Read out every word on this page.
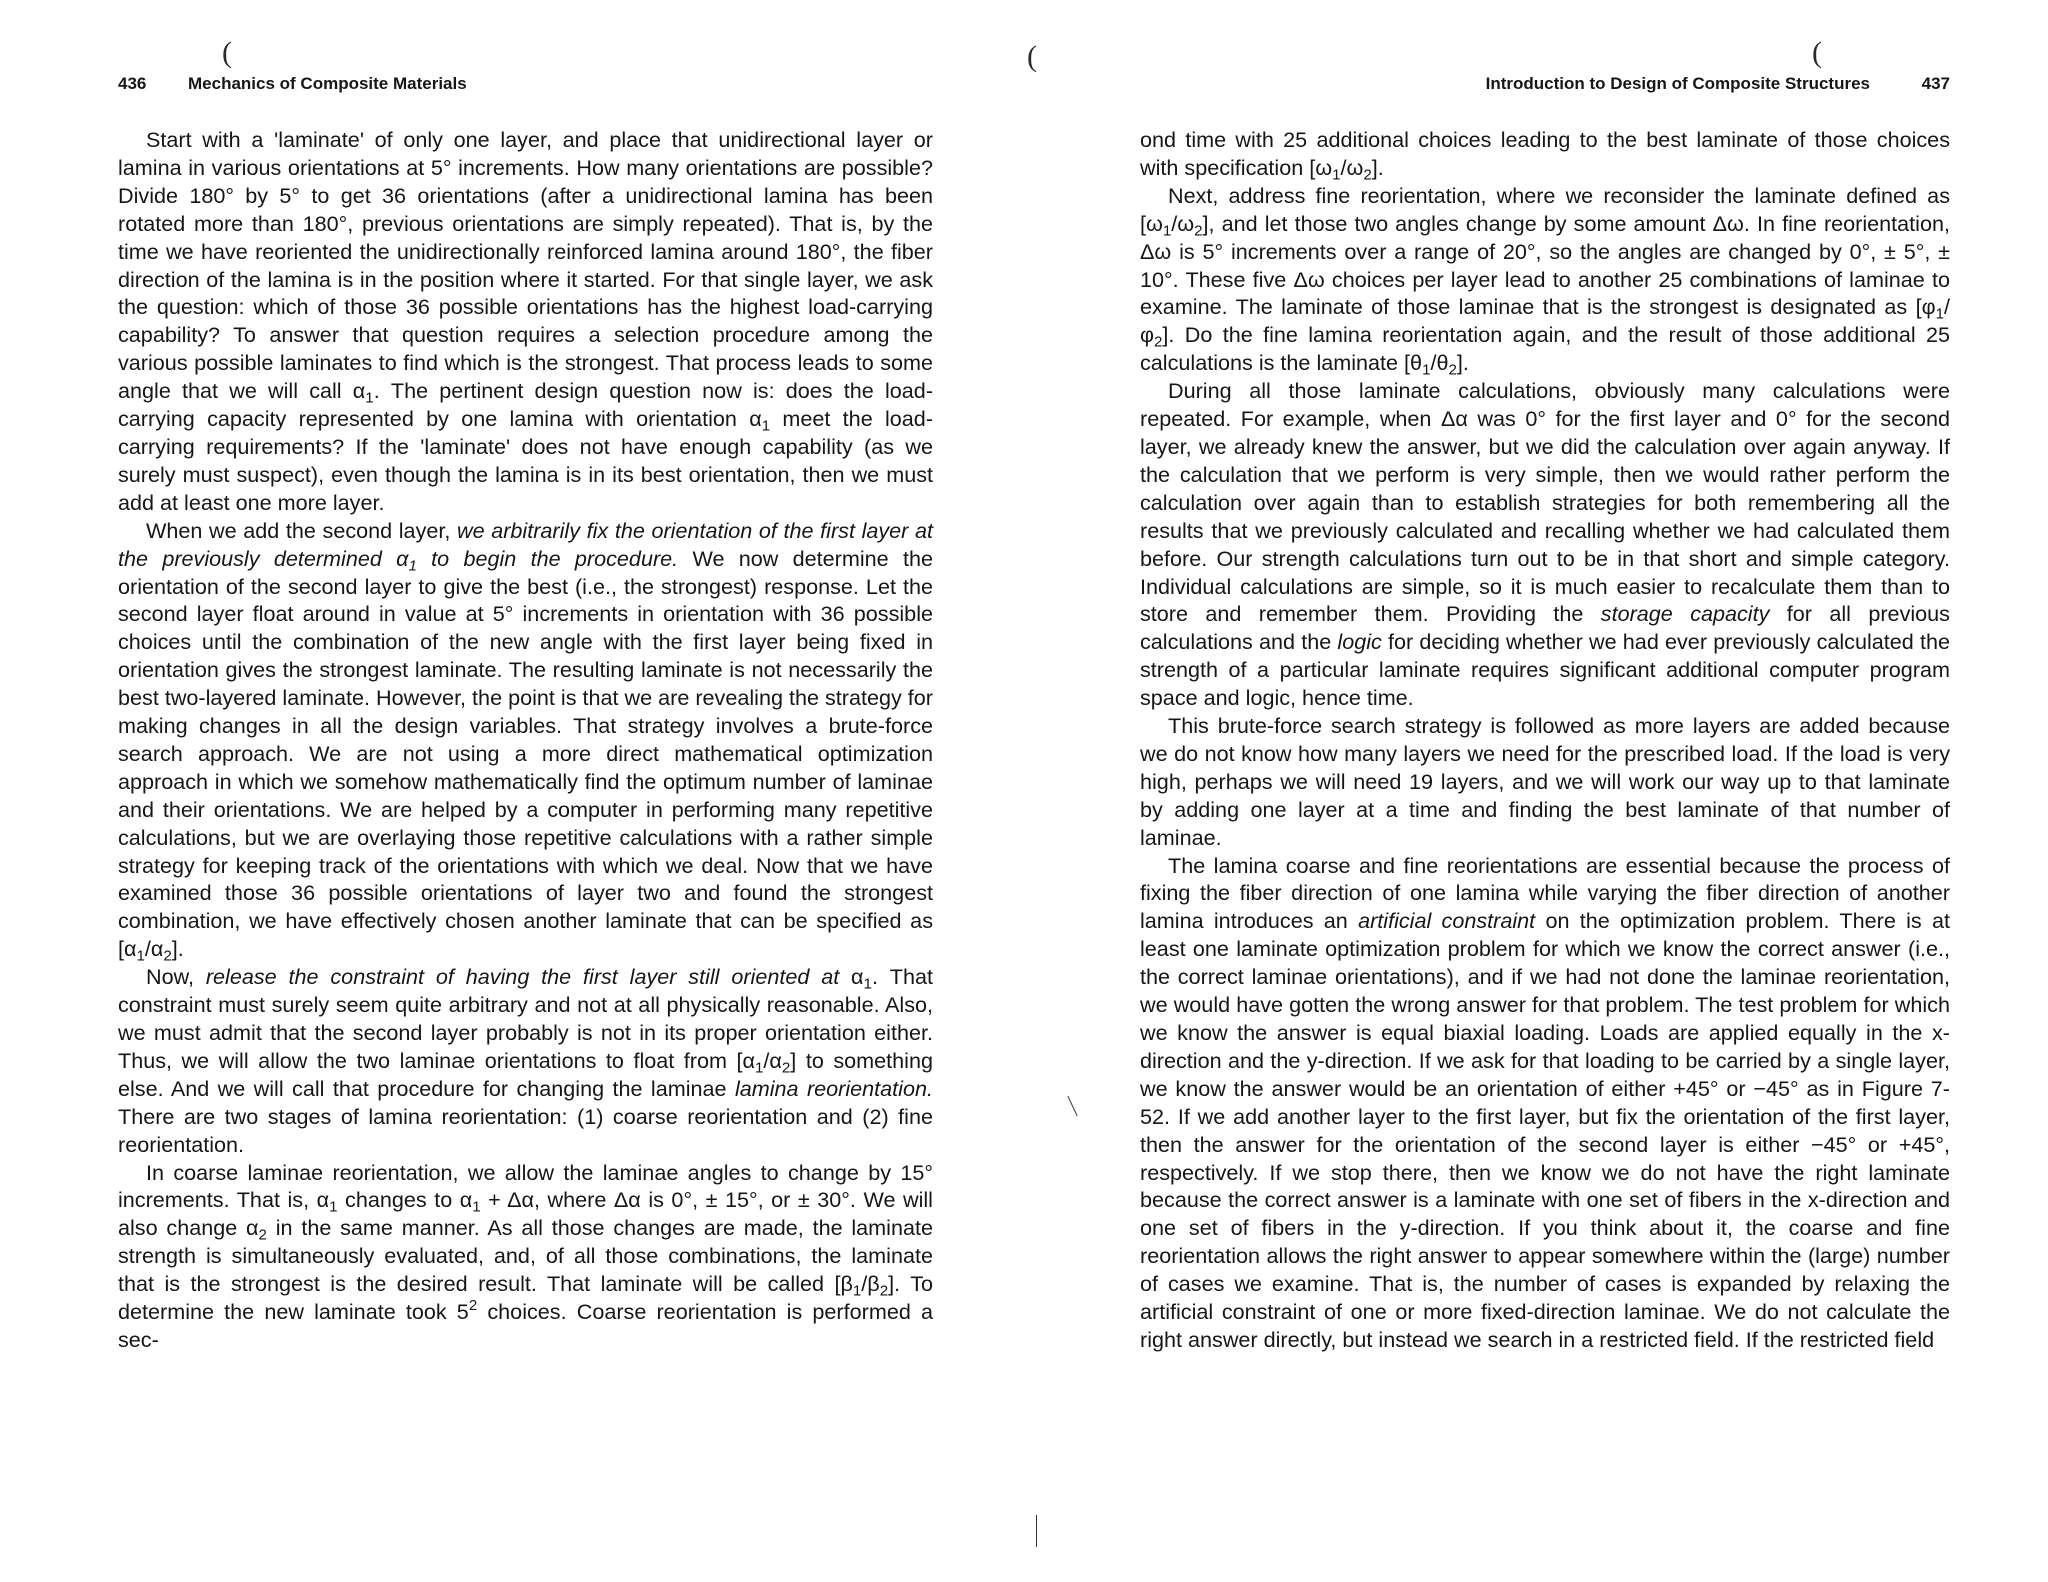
(	(	(
436 Mechanics of Composite Materials

Start with a 'laminate' of only one layer, and place that unidirectional layer or lamina in various orientations at 5° increments. How many orientations are possible? Divide 180° by 5° to get 36 orientations (after a unidirectional lamina has been rotated more than 180°, previous orientations are simply repeated). That is, by the time we have reoriented the unidirectionally reinforced lamina around 180°, the fiber direction of the lamina is in the position where it started. For that single layer, we ask the question: which of those 36 possible orientations has the highest load-carrying capability? To answer that question requires a selection procedure among the various possible laminates to find which is the strongest. That process leads to some angle that we will call $\alpha_1$. The pertinent design question now is: does the load-carrying capacity represented by one lamina with orientation $\alpha_1$ meet the load-carrying requirements? If the 'laminate' does not have enough capability (as we surely must suspect), even though the lamina is in its best orientation, then we must add at least one more layer.

When we add the second layer, we arbitrarily fix the orientation of the first layer at the previously determined $\alpha_1$ to begin the procedure. We now determine the orientation of the second layer to give the best (i.e., the strongest) response. Let the second layer float around in value at 5° increments in orientation with 36 possible choices until the combination of the new angle with the first layer being fixed in orientation gives the strongest laminate. The resulting laminate is not necessarily the best two-layered laminate. However, the point is that we are revealing the strategy for making changes in all the design variables. That strategy involves a brute-force search approach. We are not using a more direct mathematical optimization approach in which we somehow mathematically find the optimum number of laminae and their orientations. We are helped by a computer in performing many repetitive calculations, but we are overlaying those repetitive calculations with a rather simple strategy for keeping track of the orientations with which we deal. Now that we have examined those 36 possible orientations of layer two and found the strongest combination, we have effectively chosen another laminate that can be specified as $[\alpha_1/\alpha_2]$.

Now, release the constraint of having the first layer still oriented at $\alpha_1$. That constraint must surely seem quite arbitrary and not at all physically reasonable. Also, we must admit that the second layer probably is not in its proper orientation either. Thus, we will allow the two laminae orientations to float from $[\alpha_1/\alpha_2]$ to something else. And we will call that procedure for changing the laminae lamina reorientation. There are two stages of lamina reorientation: (1) coarse reorientation and (2) fine reorientation.

In coarse laminae reorientation, we allow the laminae angles to change by 15° increments. That is, $\alpha_1$ changes to $\alpha_1 + \Delta\alpha$, where Δα is 0°, ± 15°, or ± 30°. We will also change $\alpha_2$ in the same manner. As all those changes are made, the laminate strength is simultaneously evaluated, and, of all those combinations, the laminate that is the strongest is the desired result. That laminate will be called $[\beta_1/\beta_2]$. To determine the new laminate took $5^2$ choices. Coarse reorientation is performed a sec-

Introduction to Design of Composite Structures	437

ond time with 25 additional choices leading to the best laminate of those choices with specification $[\omega_1/\omega_2]$.

Next, address fine reorientation, where we reconsider the laminate defined as $[\omega_1/\omega_2]$, and let those two angles change by some amount Δω. In fine reorientation, Δω is 5° increments over a range of 20°, so the angles are changed by 0°, ± 5°, ± 10°. These five Δω choices per layer lead to another 25 combinations of laminae to examine. The laminate of those laminae that is the strongest is designated as $[\varphi_1/\varphi_2]$. Do the fine lamina reorientation again, and the result of those additional 25 calculations is the laminate $[\theta_1/\theta_2]$.

During all those laminate calculations, obviously many calculations were repeated. For example, when Δα was 0° for the first layer and 0° for the second layer, we already knew the answer, but we did the calculation over again anyway. If the calculation that we perform is very simple, then we would rather perform the calculation over again than to establish strategies for both remembering all the results that we previously calculated and recalling whether we had calculated them before. Our strength calculations turn out to be in that short and simple category. Individual calculations are simple, so it is much easier to recalculate them than to store and remember them. Providing the storage capacity for all previous calculations and the logic for deciding whether we had ever previously calculated the strength of a particular laminate requires significant additional computer program space and logic, hence time.

This brute-force search strategy is followed as more layers are added because we do not know how many layers we need for the prescribed load. If the load is very high, perhaps we will need 19 layers, and we will work our way up to that laminate by adding one layer at a time and finding the best laminate of that number of laminae.

The lamina coarse and fine reorientations are essential because the process of fixing the fiber direction of one lamina while varying the fiber direction of another lamina introduces an artificial constraint on the optimization problem. There is at least one laminate optimization problem for which we know the correct answer (i.e., the correct laminae orientations), and if we had not done the laminae reorientation, we would have gotten the wrong answer for that problem. The test problem for which we know the answer is equal biaxial loading. Loads are applied equally in the x-direction and the y-direction. If we ask for that loading to be carried by a single layer, we know the answer would be an orientation of either +45° or −45° as in Figure 7-52. If we add another layer to the first layer, but fix the orientation of the first layer, then the answer for the orientation of the second layer is either −45° or +45°, respectively. If we stop there, then we know we do not have the right laminate because the correct answer is a laminate with one set of fibers in the x-direction and one set of fibers in the y-direction. If you think about it, the coarse and fine reorientation allows the right answer to appear somewhere within the (large) number of cases we examine. That is, the number of cases is expanded by relaxing the artificial constraint of one or more fixed-direction laminae. We do not calculate the right answer directly, but instead we search in a restricted field. If the restricted field
